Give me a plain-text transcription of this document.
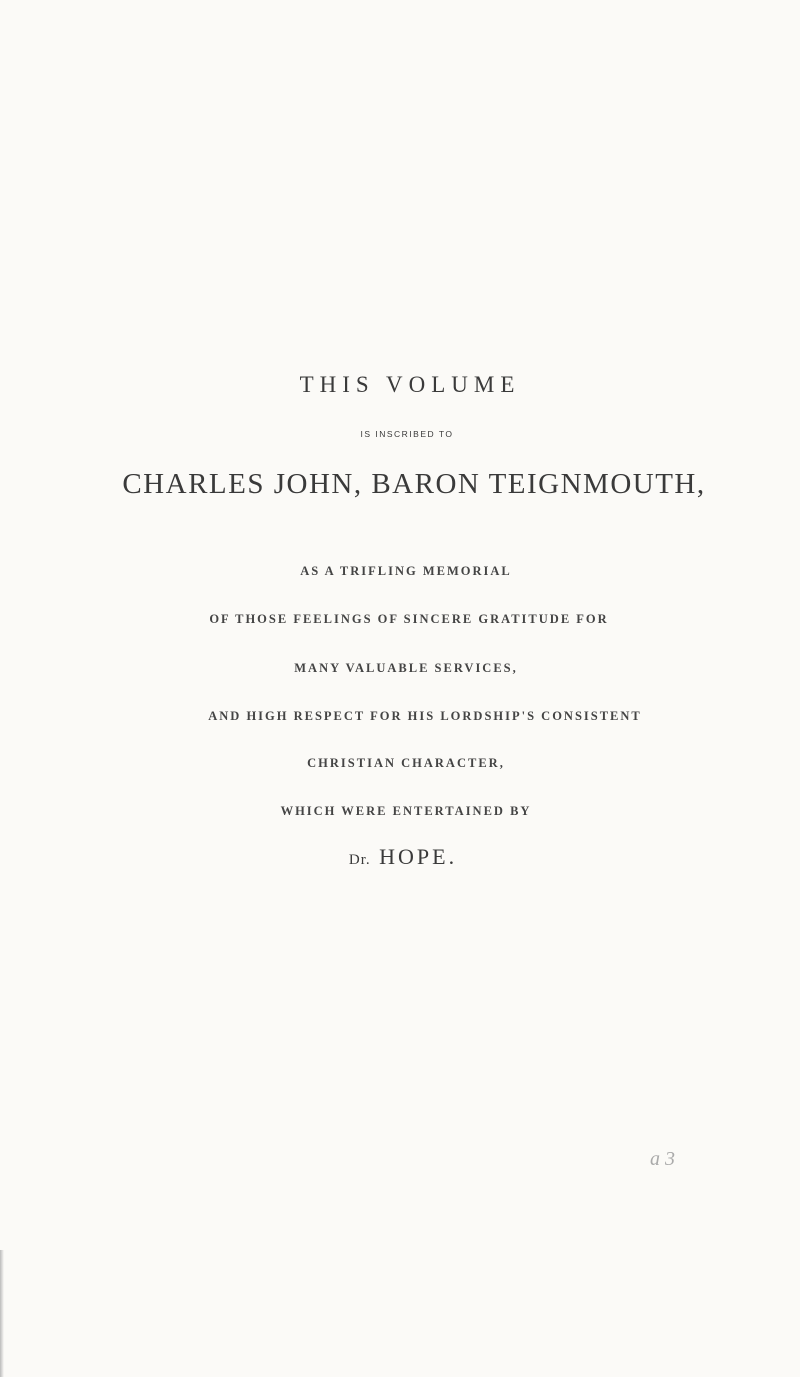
THIS VOLUME
IS INSCRIBED TO
CHARLES JOHN, BARON TEIGNMOUTH,
AS A TRIFLING MEMORIAL
OF THOSE FEELINGS OF SINCERE GRATITUDE FOR
MANY VALUABLE SERVICES,
AND HIGH RESPECT FOR HIS LORDSHIP'S CONSISTENT
CHRISTIAN CHARACTER,
WHICH WERE ENTERTAINED BY
Dr. HOPE.
a 3
